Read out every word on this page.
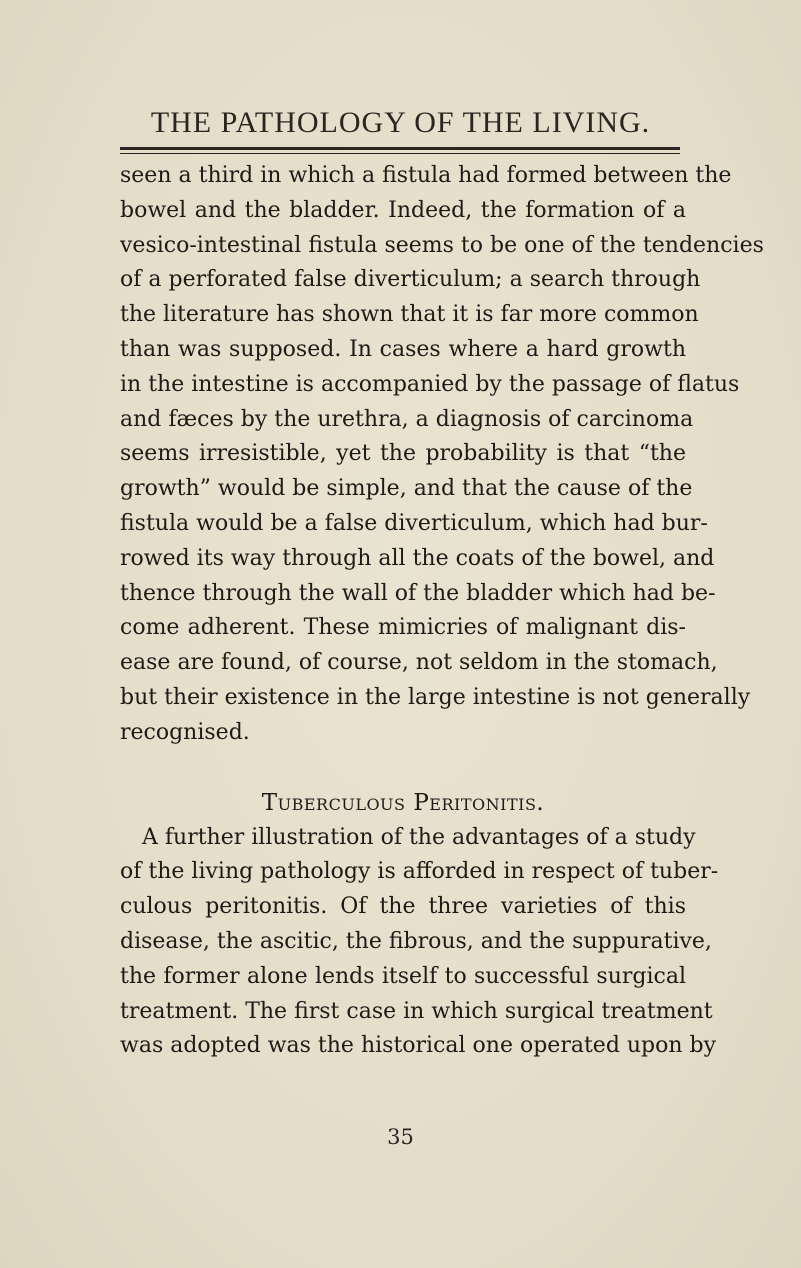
THE PATHOLOGY OF THE LIVING.
seen a third in which a fistula had formed between the
bowel and the bladder. Indeed, the formation of a
vesico-intestinal fistula seems to be one of the tendencies
of a perforated false diverticulum; a search through
the literature has shown that it is far more common
than was supposed. In cases where a hard growth
in the intestine is accompanied by the passage of flatus
and fæces by the urethra, a diagnosis of carcinoma
seems irresistible, yet the probability is that “the
growth” would be simple, and that the cause of the
fistula would be a false diverticulum, which had bur-
rowed its way through all the coats of the bowel, and
thence through the wall of the bladder which had be-
come adherent. These mimicries of malignant dis-
ease are found, of course, not seldom in the stomach,
but their existence in the large intestine is not generally
recognised.
Tuberculous Peritonitis.
A further illustration of the advantages of a study
of the living pathology is afforded in respect of tuber-
culous peritonitis. Of the three varieties of this
disease, the ascitic, the fibrous, and the suppurative,
the former alone lends itself to successful surgical
treatment. The first case in which surgical treatment
was adopted was the historical one operated upon by
35
